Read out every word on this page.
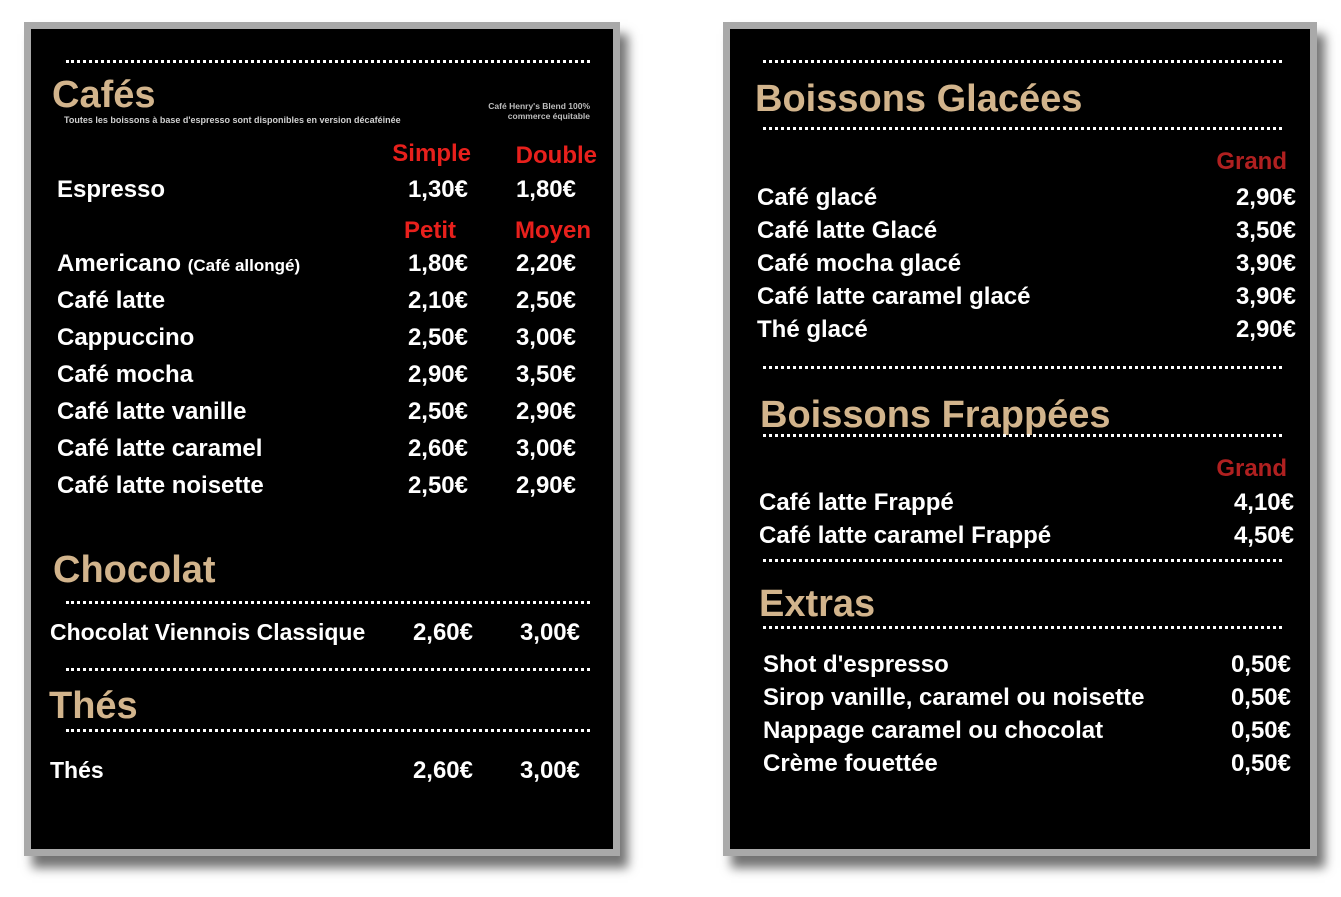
Cafés
Toutes les boissons à base d'espresso sont disponibles en version décaféinée
Café Henry's Blend 100%
commerce équitable
Simple Double
Espresso	1,30€ 1,80€
Petit Moyen
Americano (Café allongé)	1,80€ 2,20€
Café latte	2,10€ 2,50€
Cappuccino	2,50€ 3,00€
Café mocha	2,90€ 3,50€
Café latte vanille	2,50€ 2,90€
Café latte caramel	2,60€ 3,00€
Café latte noisette	2,50€ 2,90€
Chocolat
Chocolat Viennois Classique 2,60€ 3,00€
Thés
Thés	2,60€ 3,00€
Boissons Glacées
Grand
Café glacé	2,90€
Café latte Glacé	3,50€
Café mocha glacé	3,90€
Café latte caramel glacé	3,90€
Thé glacé	2,90€
Boissons Frappées
Grand
Café latte Frappé	4,10€
Café latte caramel Frappé	4,50€
Extras
Shot d'espresso	0,50€
Sirop vanille, caramel ou noisette	0,50€
Nappage caramel ou chocolat	0,50€
Crème fouettée	0,50€
